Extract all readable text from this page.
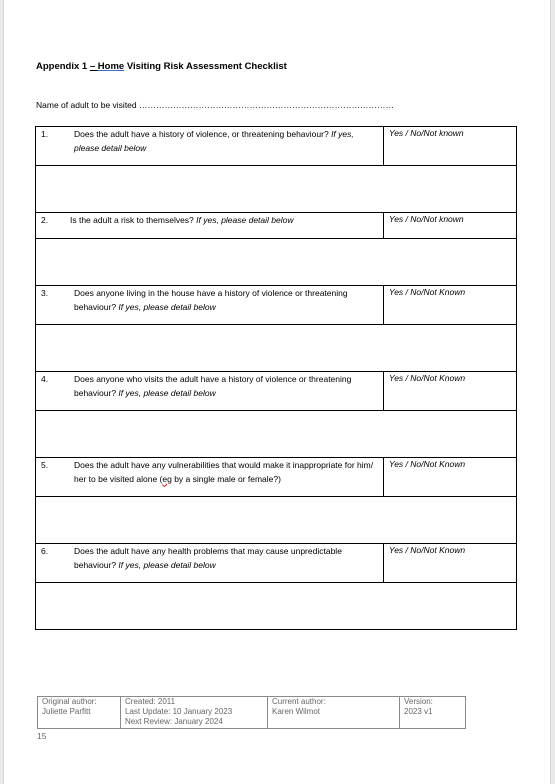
Appendix 1 – Home Visiting Risk Assessment Checklist
Name of adult to be visited ………………………………………………………………………………
1. Does the adult have a history of violence, or threatening behaviour? If yes, please detail below	Yes / No/Not known

2. Is the adult a risk to themselves? If yes, please detail below	Yes / No/Not known

3. Does anyone living in the house have a history of violence or threatening behaviour? If yes, please detail below	Yes / No/Not Known

4. Does anyone who visits the adult have a history of violence or threatening behaviour? If yes, please detail below	Yes / No/Not Known

5. Does the adult have any vulnerabilities that would make it inappropriate for him/ her to be visited alone (eg by a single male or female?)	Yes / No/Not Known

6. Does the adult have any health problems that may cause unpredictable behaviour? If yes, please detail below	Yes / No/Not Known

Original author:
Juliette Parfitt

Created: 2011
Last Update: 10 January 2023
Next Review: January 2024

Current author:
Karen Wilmot

Version:
2023 v1
15
